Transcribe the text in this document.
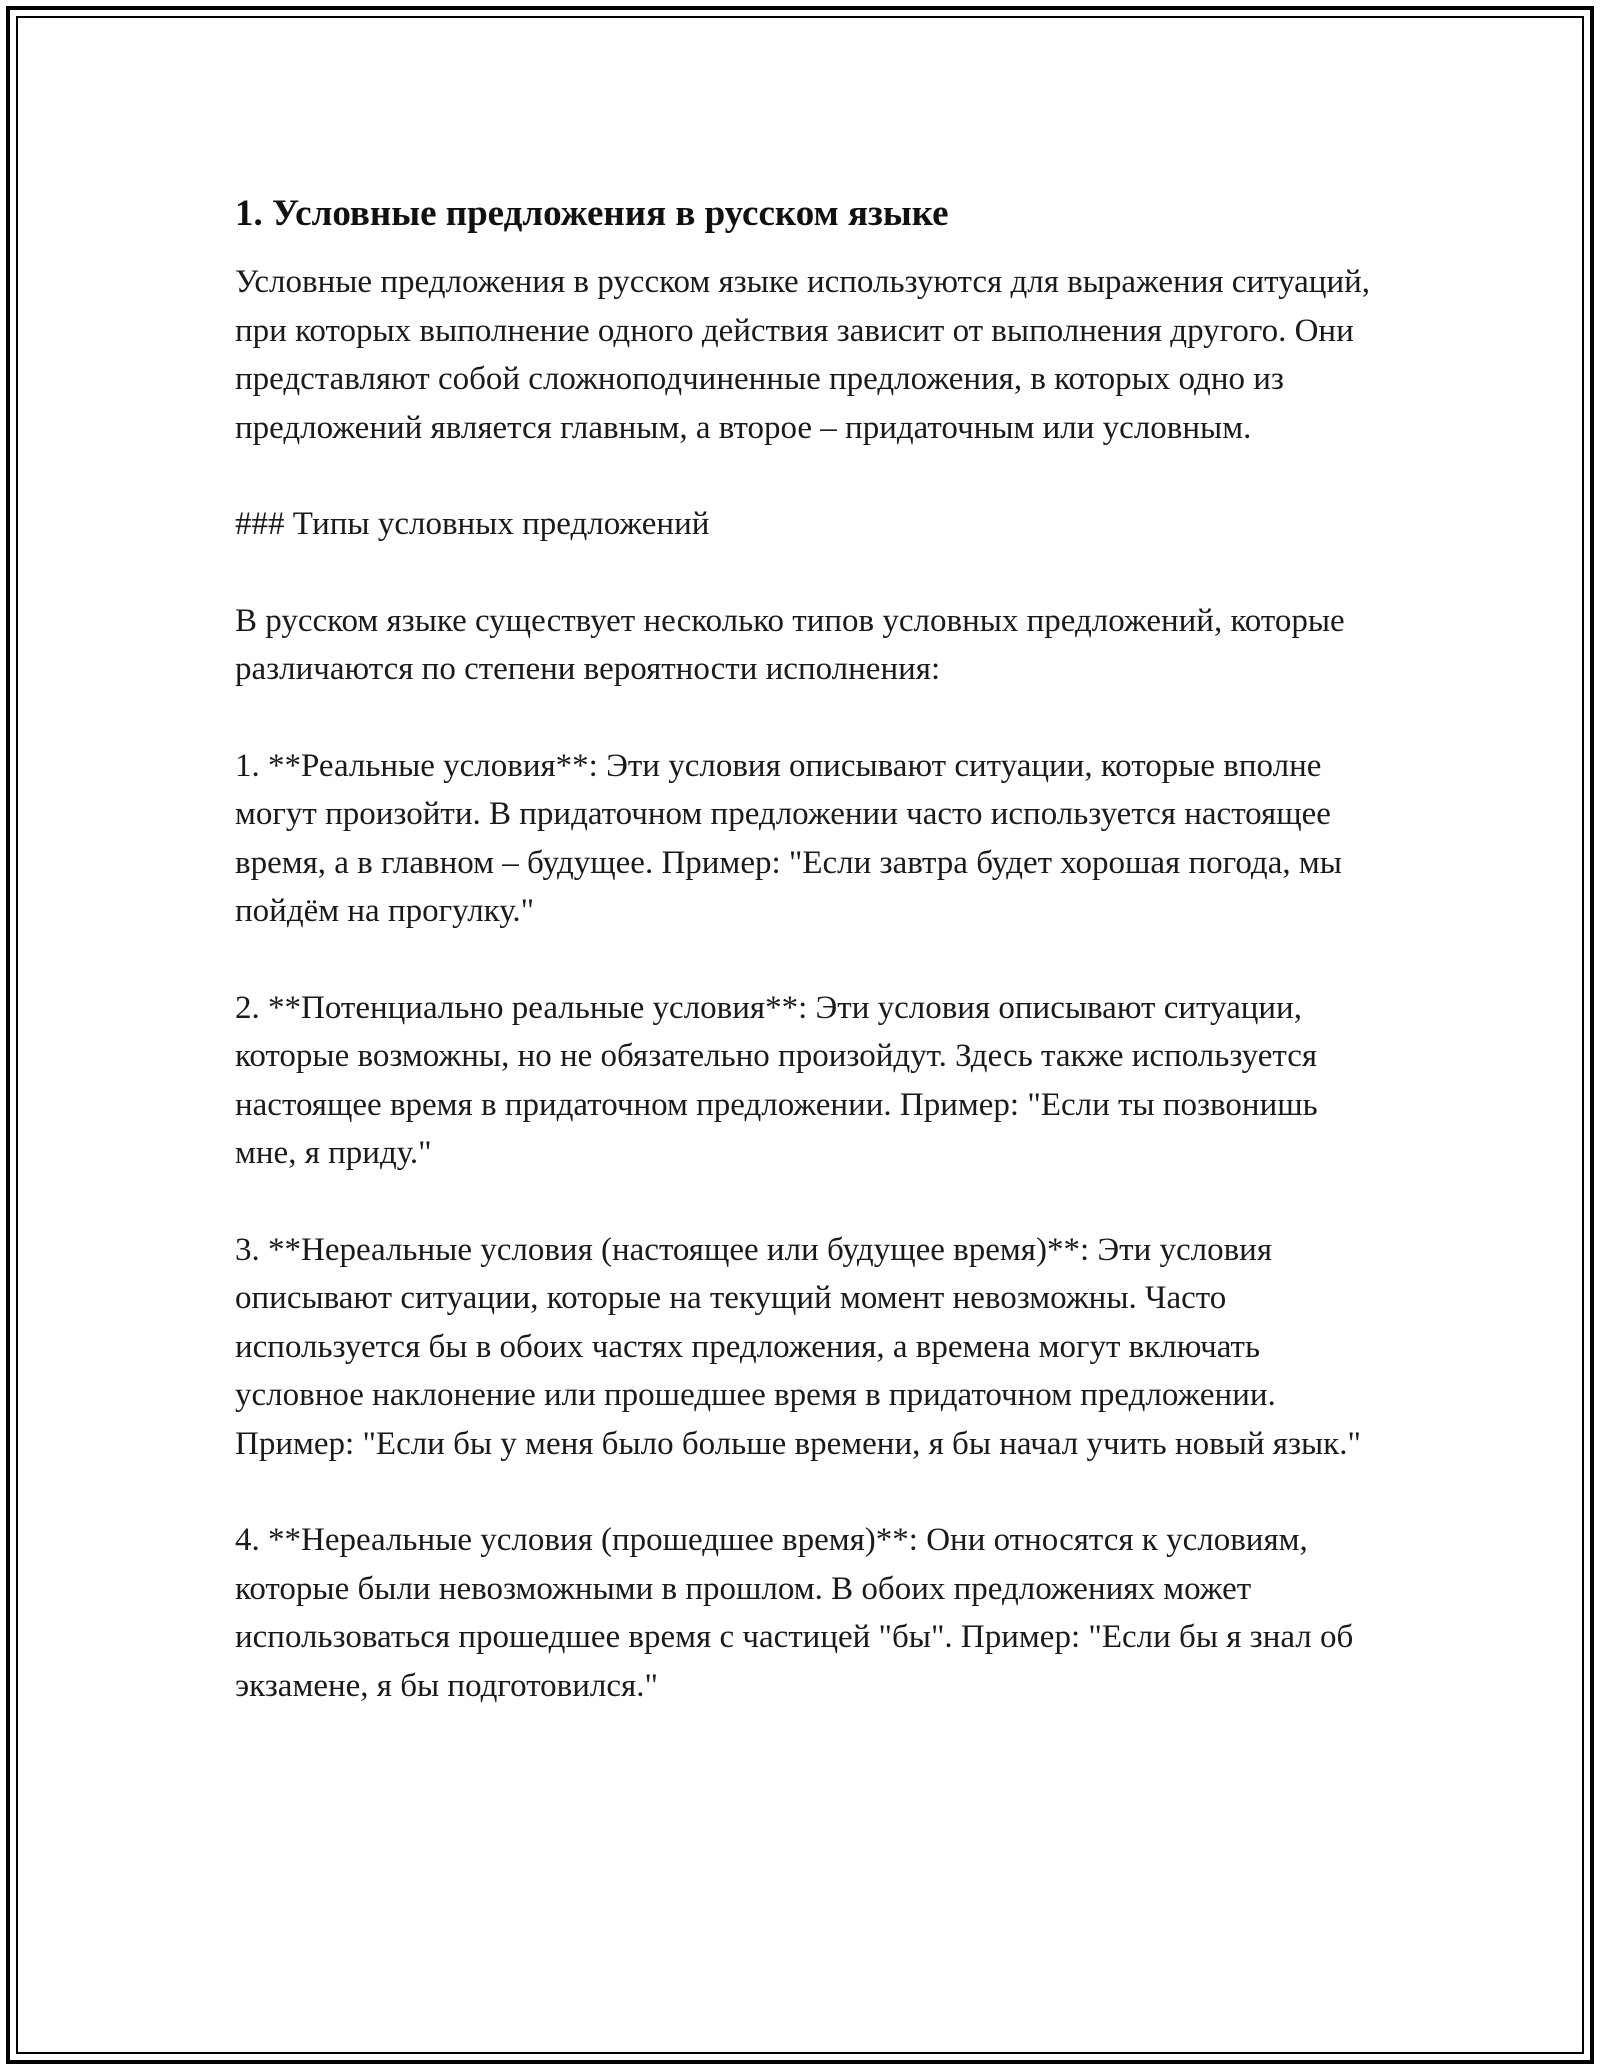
1. Условные предложения в русском языке

Условные предложения в русском языке используются для выражения ситуаций, при которых выполнение одного действия зависит от выполнения другого. Они представляют собой сложноподчиненные предложения, в которых одно из предложений является главным, а второе – придаточным или условным.

### Типы условных предложений

В русском языке существует несколько типов условных предложений, которые различаются по степени вероятности исполнения:

1. **Реальные условия**: Эти условия описывают ситуации, которые вполне могут произойти. В придаточном предложении часто используется настоящее время, а в главном – будущее. Пример: "Если завтра будет хорошая погода, мы пойдём на прогулку."

2. **Потенциально реальные условия**: Эти условия описывают ситуации, которые возможны, но не обязательно произойдут. Здесь также используется настоящее время в придаточном предложении. Пример: "Если ты позвонишь мне, я приду."

3. **Нереальные условия (настоящее или будущее время)**: Эти условия описывают ситуации, которые на текущий момент невозможны. Часто используется бы в обоих частях предложения, а времена могут включать условное наклонение или прошедшее время в придаточном предложении. Пример: "Если бы у меня было больше времени, я бы начал учить новый язык."

4. **Нереальные условия (прошедшее время)**: Они относятся к условиям, которые были невозможными в прошлом. В обоих предложениях может использоваться прошедшее время с частицей "бы". Пример: "Если бы я знал об экзамене, я бы подготовился."
